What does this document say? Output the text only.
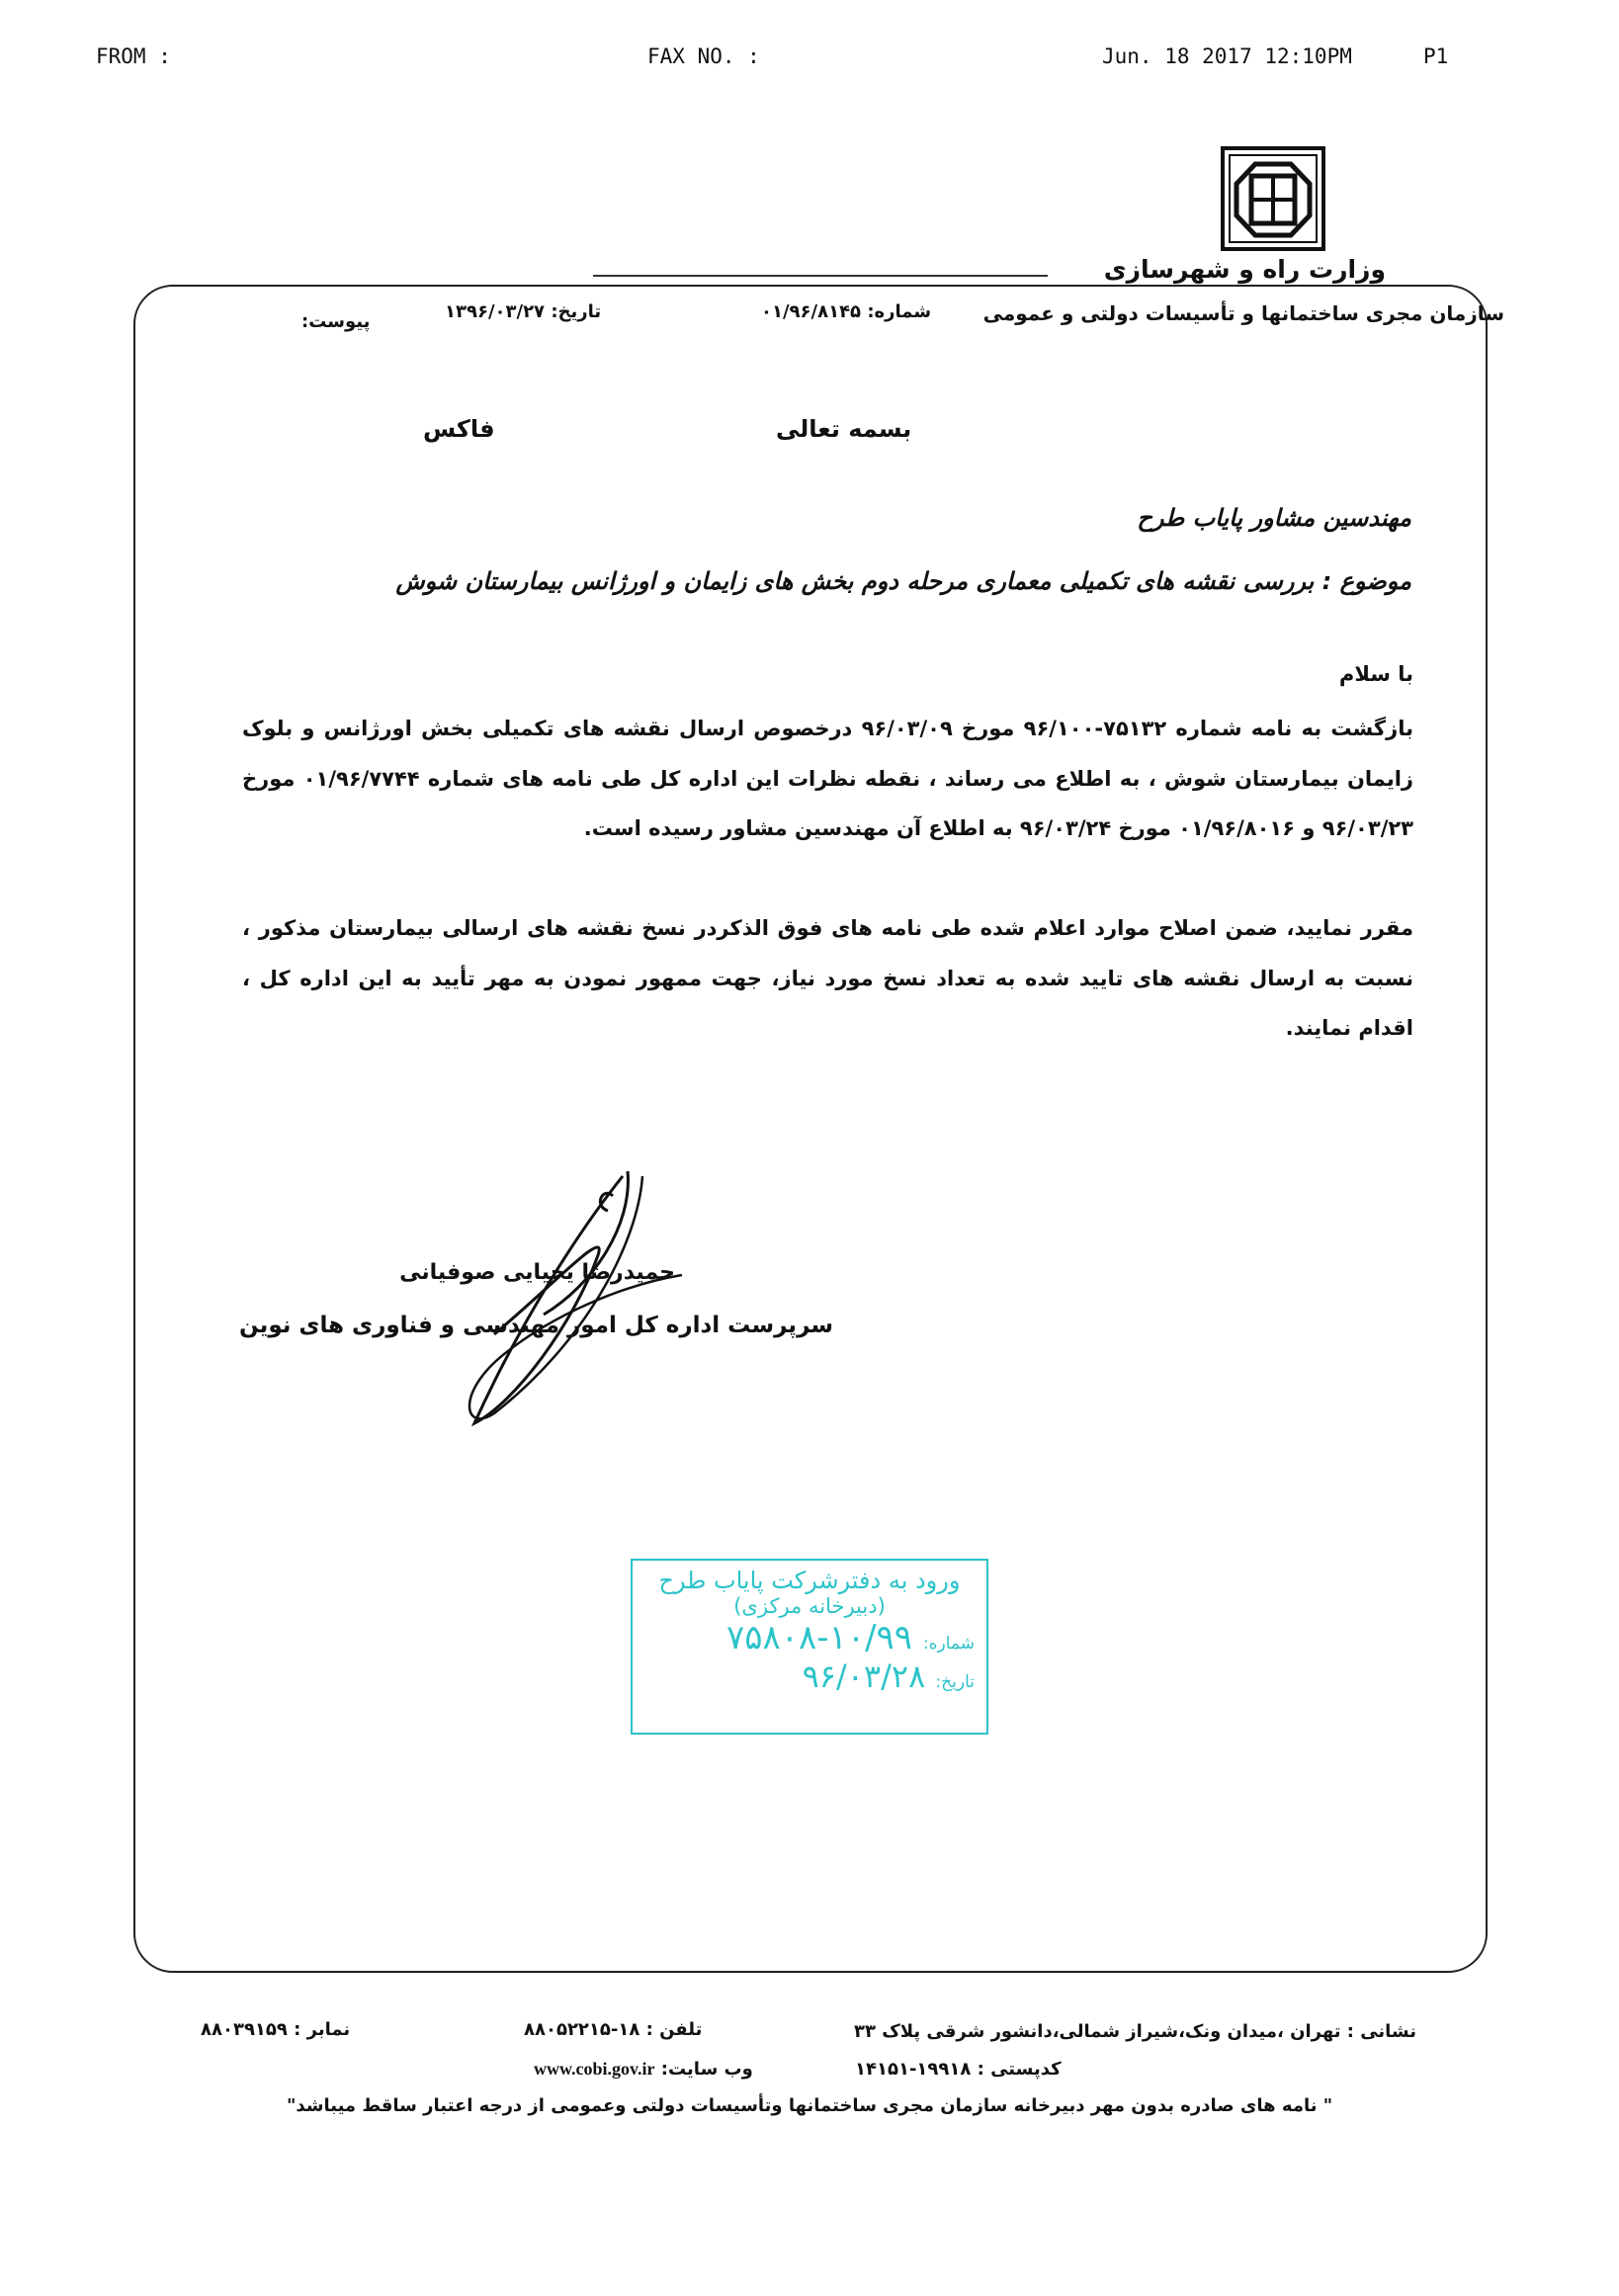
FROM :	FAX NO. :	Jun. 18 2017 12:10PM	P1
وزارت راه و شهرسازی
سازمان مجری ساختمانها و تأسیسات دولتی و عمومی
شماره: ۰۱/۹۶/۸۱۴۵
تاریخ: ۱۳۹۶/۰۳/۲۷
پیوست:
بسمه تعالی
فاکس
مهندسین مشاور پایاب طرح
موضوع : بررسی نقشه های تکمیلی معماری مرحله دوم بخش های زایمان و اورژانس بیمارستان شوش
با سلام
بازگشت به نامه شماره ۷۵۱۳۲-۹۶/۱۰۰ مورخ ۹۶/۰۳/۰۹ درخصوص ارسال نقشه های تکمیلی بخش اورژانس و بلوک زایمان بیمارستان شوش ، به اطلاع می رساند ، نقطه نظرات این اداره کل طی نامه های شماره ۰۱/۹۶/۷۷۴۴ مورخ ۹۶/۰۳/۲۳ و ۰۱/۹۶/۸۰۱۶ مورخ ۹۶/۰۳/۲۴ به اطلاع آن مهندسین مشاور رسیده است.
مقرر نمایید، ضمن اصلاح موارد اعلام شده طی نامه های فوق الذکردر نسخ نقشه های ارسالی بیمارستان مذکور ، نسبت به ارسال نقشه های تایید شده به تعداد نسخ مورد نیاز، جهت ممهور نمودن به مهر تأیید به این اداره کل ، اقدام نمایند.
حمیدرضا یحیایی صوفیانی
سرپرست اداره کل امور مهندسی و فناوری های نوین
ورود به دفترشرکت پایاب طرح
(دبیرخانه مرکزی)
شماره: ۱۰/۹۹-۷۵۸۰۸
تاریخ: ۹۶/۰۳/۲۸
نشانی : تهران ،میدان ونک،شیراز شمالی،دانشور شرقی پلاک ۳۳
تلفن : ۱۸-۸۸۰۵۲۲۱۵
نمابر : ۸۸۰۳۹۱۵۹
کدپستی : ۱۹۹۱۸-۱۴۱۵۱
وب سایت: www.cobi.gov.ir
" نامه های صادره بدون مهر دبیرخانه سازمان مجری ساختمانها وتأسیسات دولتی وعمومی از درجه اعتبار ساقط میباشد"
